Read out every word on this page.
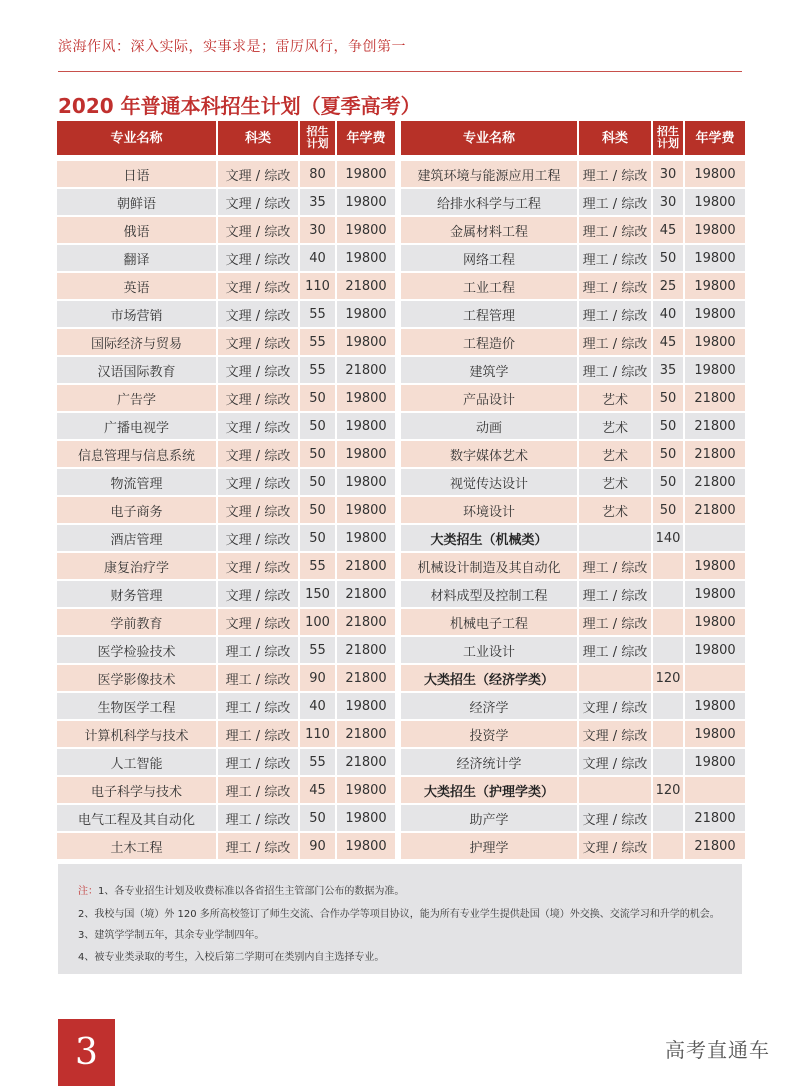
滨海作风：深入实际，实事求是；雷厉风行，争创第一
2020 年普通本科招生计划（夏季高考）
专业名称	科类	招生
计划	年学费
日语	文理 / 综改	80	19800
朝鲜语	文理 / 综改	35	19800
俄语	文理 / 综改	30	19800
翻译	文理 / 综改	40	19800
英语	文理 / 综改	110	21800
市场营销	文理 / 综改	55	19800
国际经济与贸易	文理 / 综改	55	19800
汉语国际教育	文理 / 综改	55	21800
广告学	文理 / 综改	50	19800
广播电视学	文理 / 综改	50	19800
信息管理与信息系统	文理 / 综改	50	19800
物流管理	文理 / 综改	50	19800
电子商务	文理 / 综改	50	19800
酒店管理	文理 / 综改	50	19800
康复治疗学	文理 / 综改	55	21800
财务管理	文理 / 综改	150	21800
学前教育	文理 / 综改	100	21800
医学检验技术	理工 / 综改	55	21800
医学影像技术	理工 / 综改	90	21800
生物医学工程	理工 / 综改	40	19800
计算机科学与技术	理工 / 综改	110	21800
人工智能	理工 / 综改	55	21800
电子科学与技术	理工 / 综改	45	19800
电气工程及其自动化	理工 / 综改	50	19800
土木工程	理工 / 综改	90	19800
专业名称	科类	招生
计划	年学费
建筑环境与能源应用工程	理工 / 综改	30	19800
给排水科学与工程	理工 / 综改	30	19800
金属材料工程	理工 / 综改	45	19800
网络工程	理工 / 综改	50	19800
工业工程	理工 / 综改	25	19800
工程管理	理工 / 综改	40	19800
工程造价	理工 / 综改	45	19800
建筑学	理工 / 综改	35	19800
产品设计	艺术	50	21800
动画	艺术	50	21800
数字媒体艺术	艺术	50	21800
视觉传达设计	艺术	50	21800
环境设计	艺术	50	21800
大类招生（机械类）		140	
机械设计制造及其自动化	理工 / 综改		19800
材料成型及控制工程	理工 / 综改		19800
机械电子工程	理工 / 综改		19800
工业设计	理工 / 综改		19800
大类招生（经济学类）		120	
经济学	文理 / 综改		19800
投资学	文理 / 综改		19800
经济统计学	文理 / 综改		19800
大类招生（护理学类）		120	
助产学	文理 / 综改		21800
护理学	文理 / 综改		21800
注：1、各专业招生计划及收费标准以各省招生主管部门公布的数据为准。
2、我校与国（境）外 120 多所高校签订了师生交流、合作办学等项目协议，能为所有专业学生提供赴国（境）外交换、交流学习和升学的机会。
3、建筑学学制五年，其余专业学制四年。
4、被专业类录取的考生，入校后第二学期可在类别内自主选择专业。
3	高考直通车
